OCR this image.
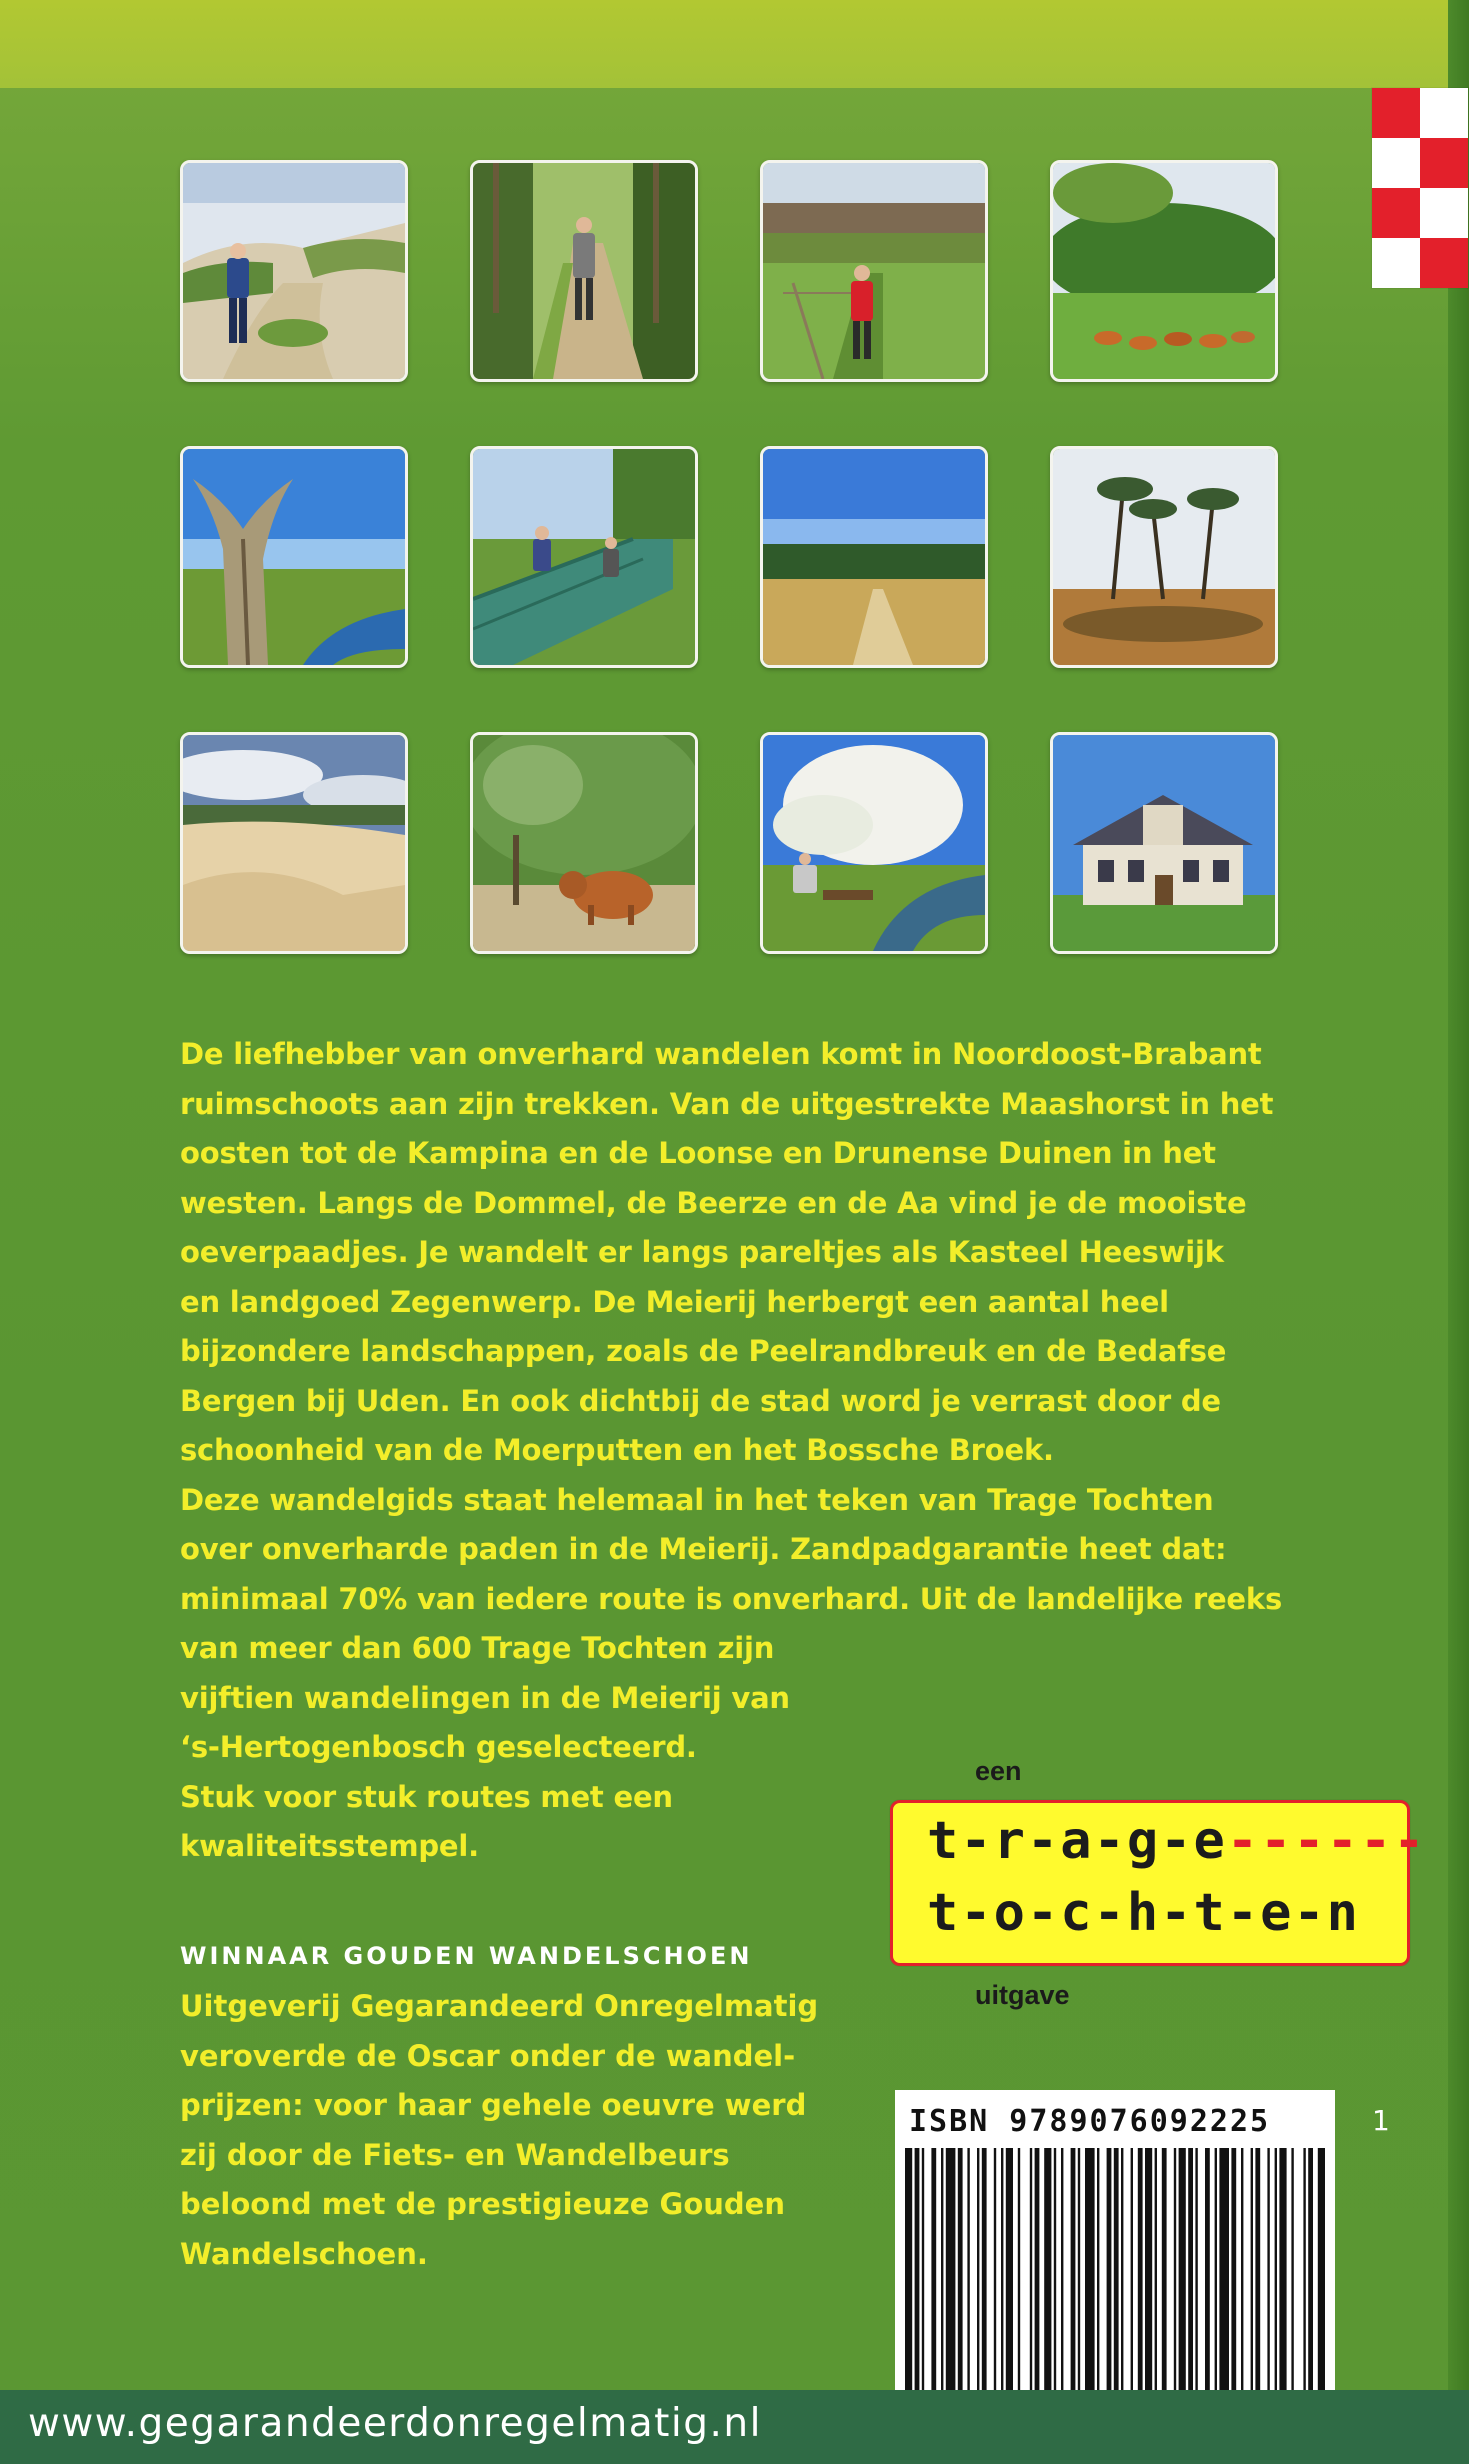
De liefhebber van onverhard wandelen komt in Noordoost-Brabant

ruimschoots aan zijn trekken. Van de uitgestrekte Maashorst in het

oosten tot de Kampina en de Loonse en Drunense Duinen in het

westen. Langs de Dommel, de Beerze en de Aa vind je de mooiste

oeverpaadjes. Je wandelt er langs pareltjes als Kasteel Heeswijk

en landgoed Zegenwerp. De Meierij herbergt een aantal heel

bijzondere landschappen, zoals de Peelrandbreuk en de Bedafse

Bergen bij Uden. En ook dichtbij de stad word je verrast door de

schoonheid van de Moerputten en het Bossche Broek.

Deze wandelgids staat helemaal in het teken van Trage Tochten

over onverharde paden in de Meierij. Zandpadgarantie heet dat:

minimaal 70% van iedere route is onverhard. Uit de landelijke reeks

van meer dan 600 Trage Tochten zijn

vijftien wandelingen in de Meierij van

‘s-Hertogenbosch geselecteerd.

Stuk voor stuk routes met een

kwaliteitsstempel.

WINNAAR GOUDEN WANDELSCHOEN

Uitgeverij Gegarandeerd Onregelmatig

veroverde de Oscar onder de wandel-

prijzen: voor haar gehele oeuvre werd

zij door de Fiets- en Wandelbeurs

beloond met de prestigieuze Gouden

Wandelschoen.

een
t-r-a-g-e------
t-o-c-h-t-e-n
uitgave
ISBN 9789076092225	1
www.gegarandeerdonregelmatig.nl
